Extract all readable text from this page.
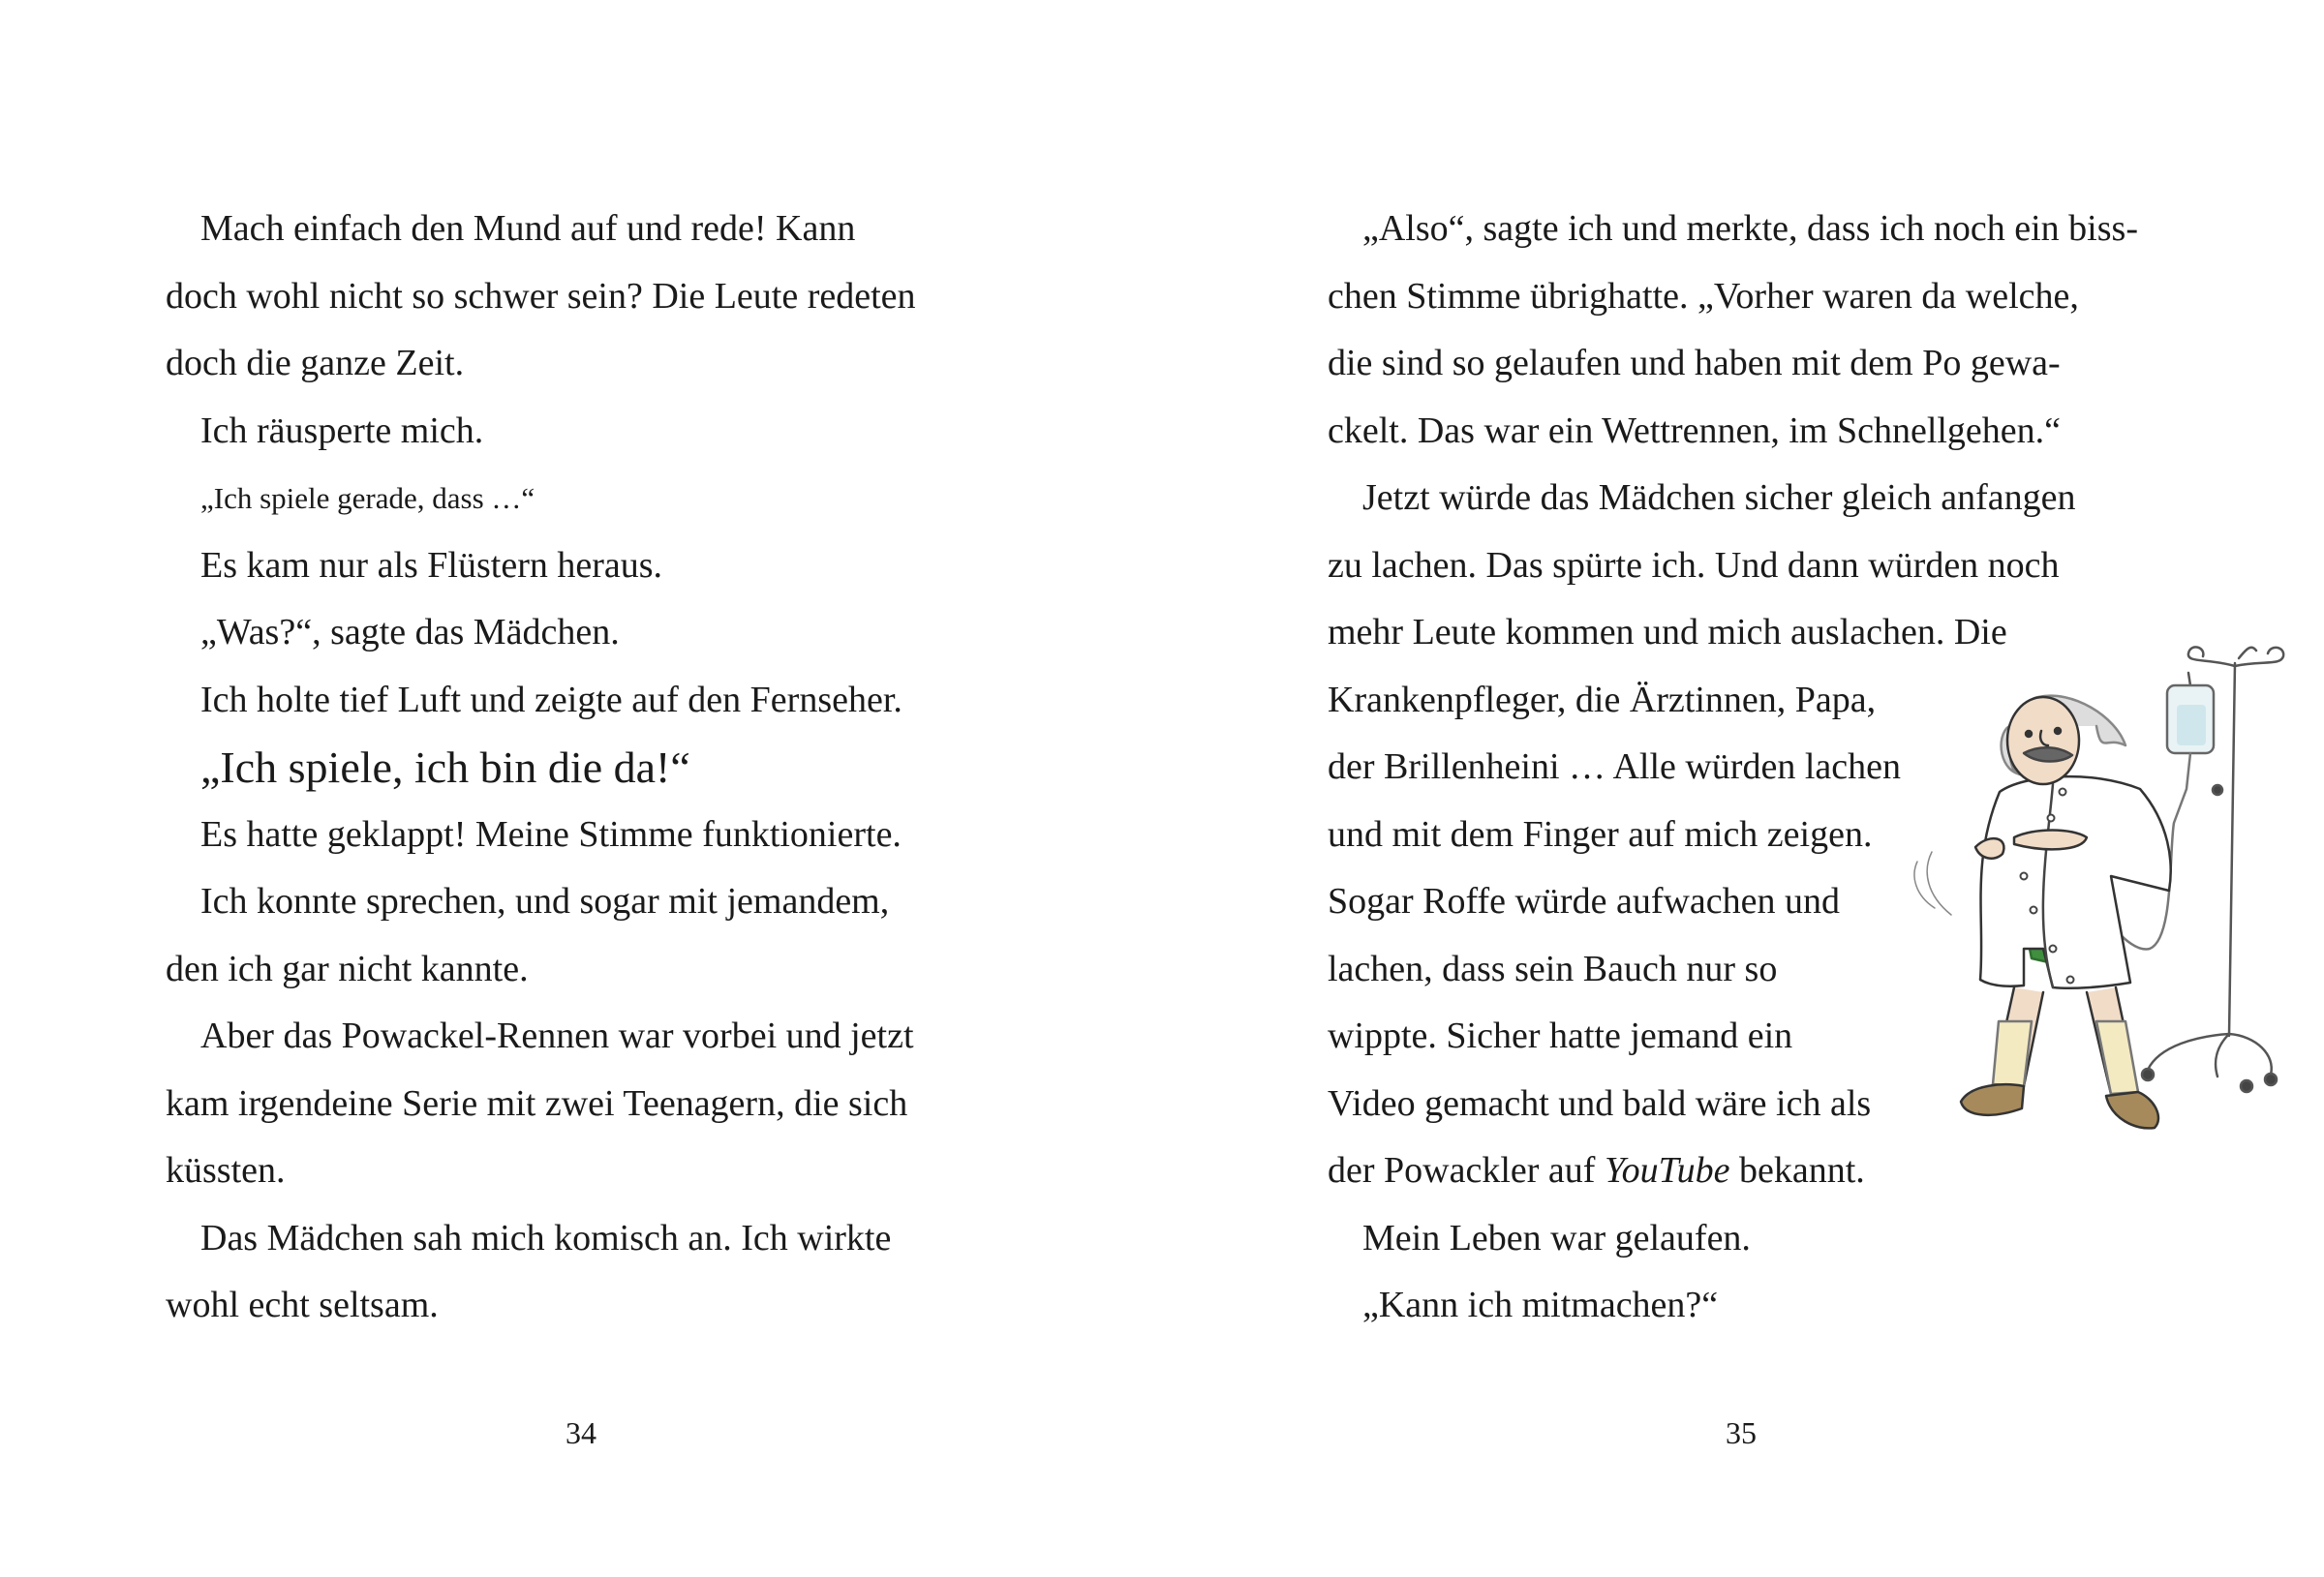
Mach einfach den Mund auf und rede! Kann
doch wohl nicht so schwer sein? Die Leute redeten
doch die ganze Zeit.
Ich räusperte mich.
„Ich spiele gerade, dass …“
Es kam nur als Flüstern heraus.
„Was?“, sagte das Mädchen.
Ich holte tief Luft und zeigte auf den Fernseher.
„Ich spiele, ich bin die da!“
Es hatte geklappt! Meine Stimme funktionierte.
Ich konnte sprechen, und sogar mit jemandem,
den ich gar nicht kannte.
Aber das Powackel-Rennen war vorbei und jetzt
kam irgendeine Serie mit zwei Teenagern, die sich
küssten.
Das Mädchen sah mich komisch an. Ich wirkte
wohl echt seltsam.
„Also“, sagte ich und merkte, dass ich noch ein biss-
chen Stimme übrighatte. „Vorher waren da welche,
die sind so gelaufen und haben mit dem Po gewa-
ckelt. Das war ein Wettrennen, im Schnellgehen.“
Jetzt würde das Mädchen sicher gleich anfangen
zu lachen. Das spürte ich. Und dann würden noch
mehr Leute kommen und mich auslachen. Die
Krankenpfleger, die Ärztinnen, Papa,
der Brillenheini … Alle würden lachen
und mit dem Finger auf mich zeigen.
Sogar Roffe würde aufwachen und
lachen, dass sein Bauch nur so
wippte. Sicher hatte jemand ein
Video gemacht und bald wäre ich als
der Powackler auf YouTube bekannt.
Mein Leben war gelaufen.
„Kann ich mitmachen?“
34	35
